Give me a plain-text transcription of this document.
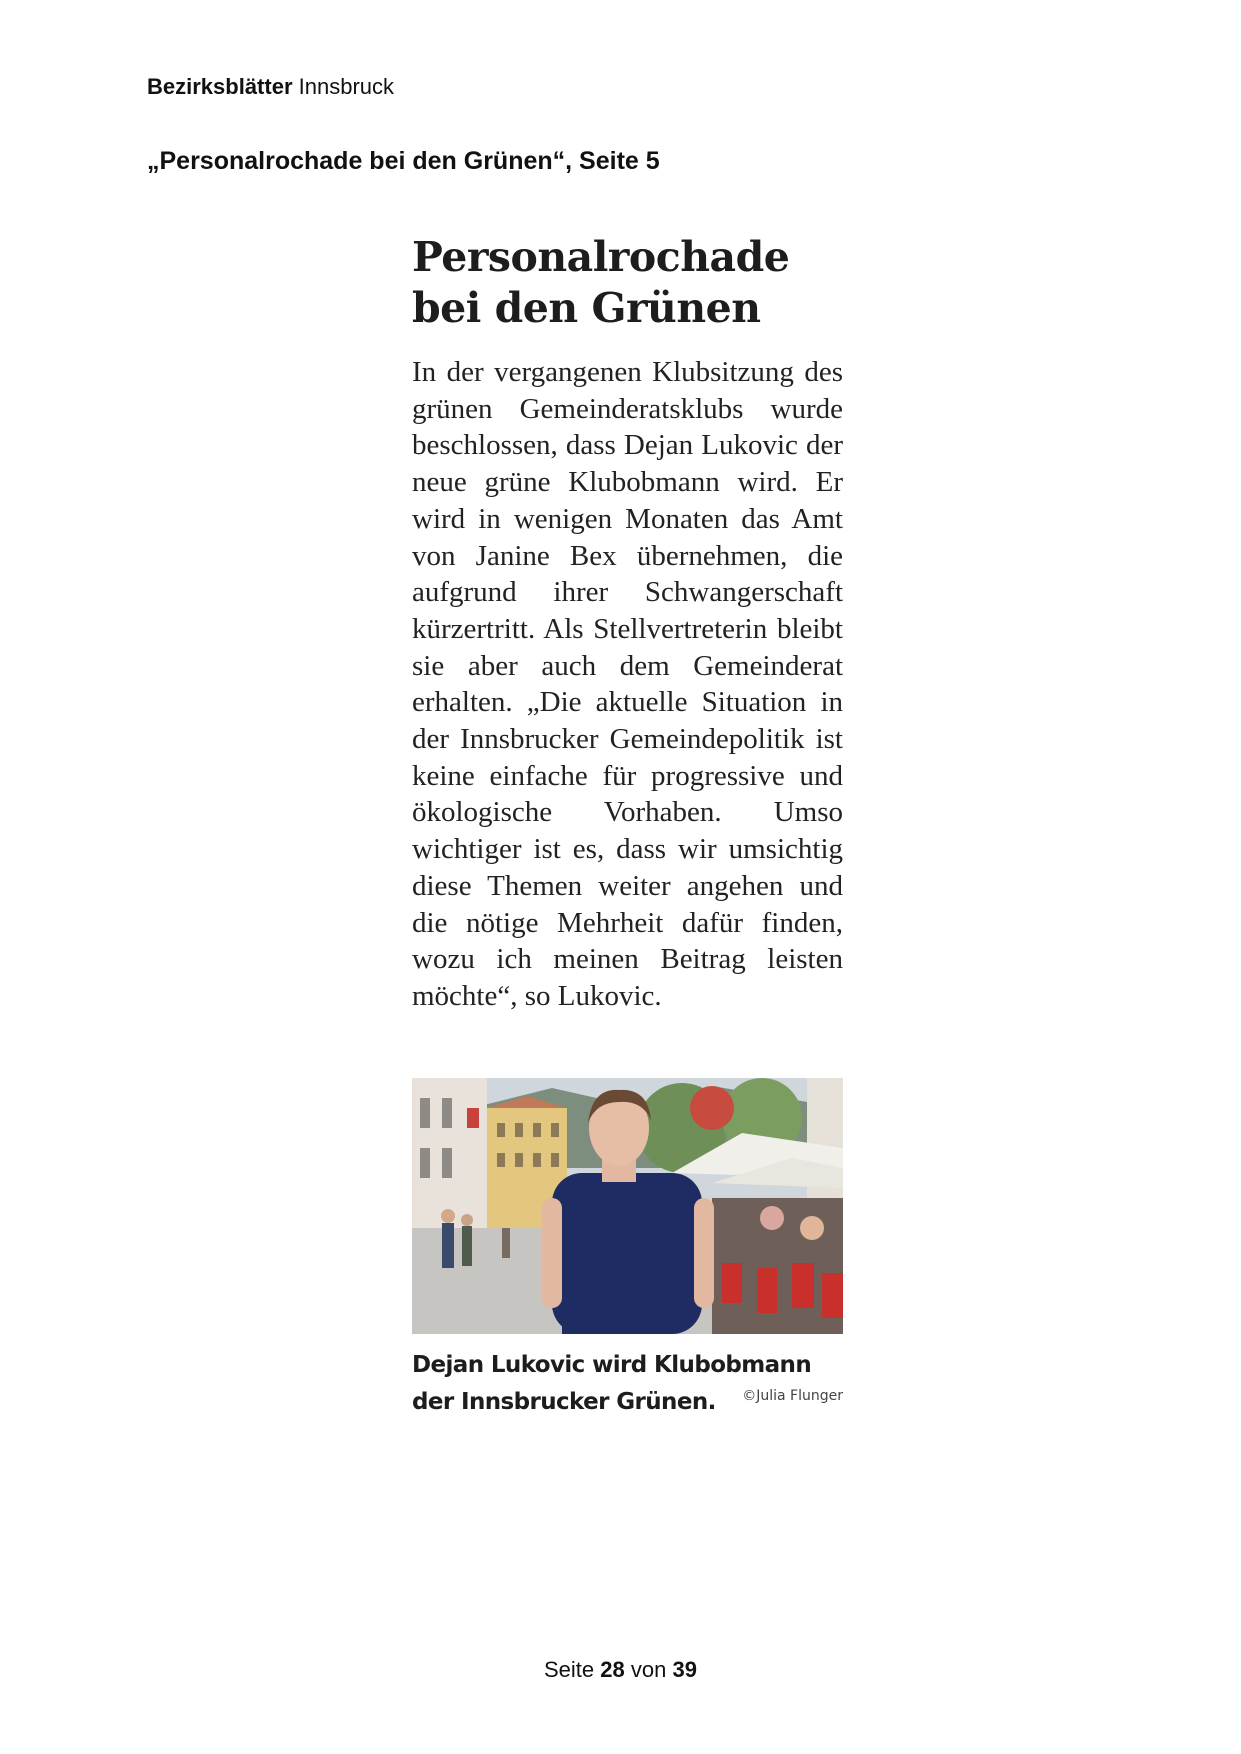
Bezirksblätter Innsbruck
„Personalrochade bei den Grünen“, Seite 5
Personalrochade
bei den Grünen
In der vergangenen Klubsitzung des grünen Gemeinderatsklubs wurde beschlossen, dass Dejan Lukovic der neue grüne Klubobmann wird. Er wird in wenigen Monaten das Amt von Janine Bex übernehmen, die aufgrund ihrer Schwangerschaft kürzertritt. Als Stellvertreterin bleibt sie aber auch dem Gemeinderat erhalten. „Die aktuelle Situation in der Innsbrucker Gemeindepolitik ist keine einfache für progressive und ökologische Vorhaben. Umso wichtiger ist es, dass wir umsichtig diese Themen weiter angehen und die nötige Mehrheit dafür finden, wozu ich meinen Beitrag leisten möchte“, so Lukovic.
Dejan Lukovic wird Klubobmann
der Innsbrucker Grünen. ©Julia Flunger
Seite 28 von 39
